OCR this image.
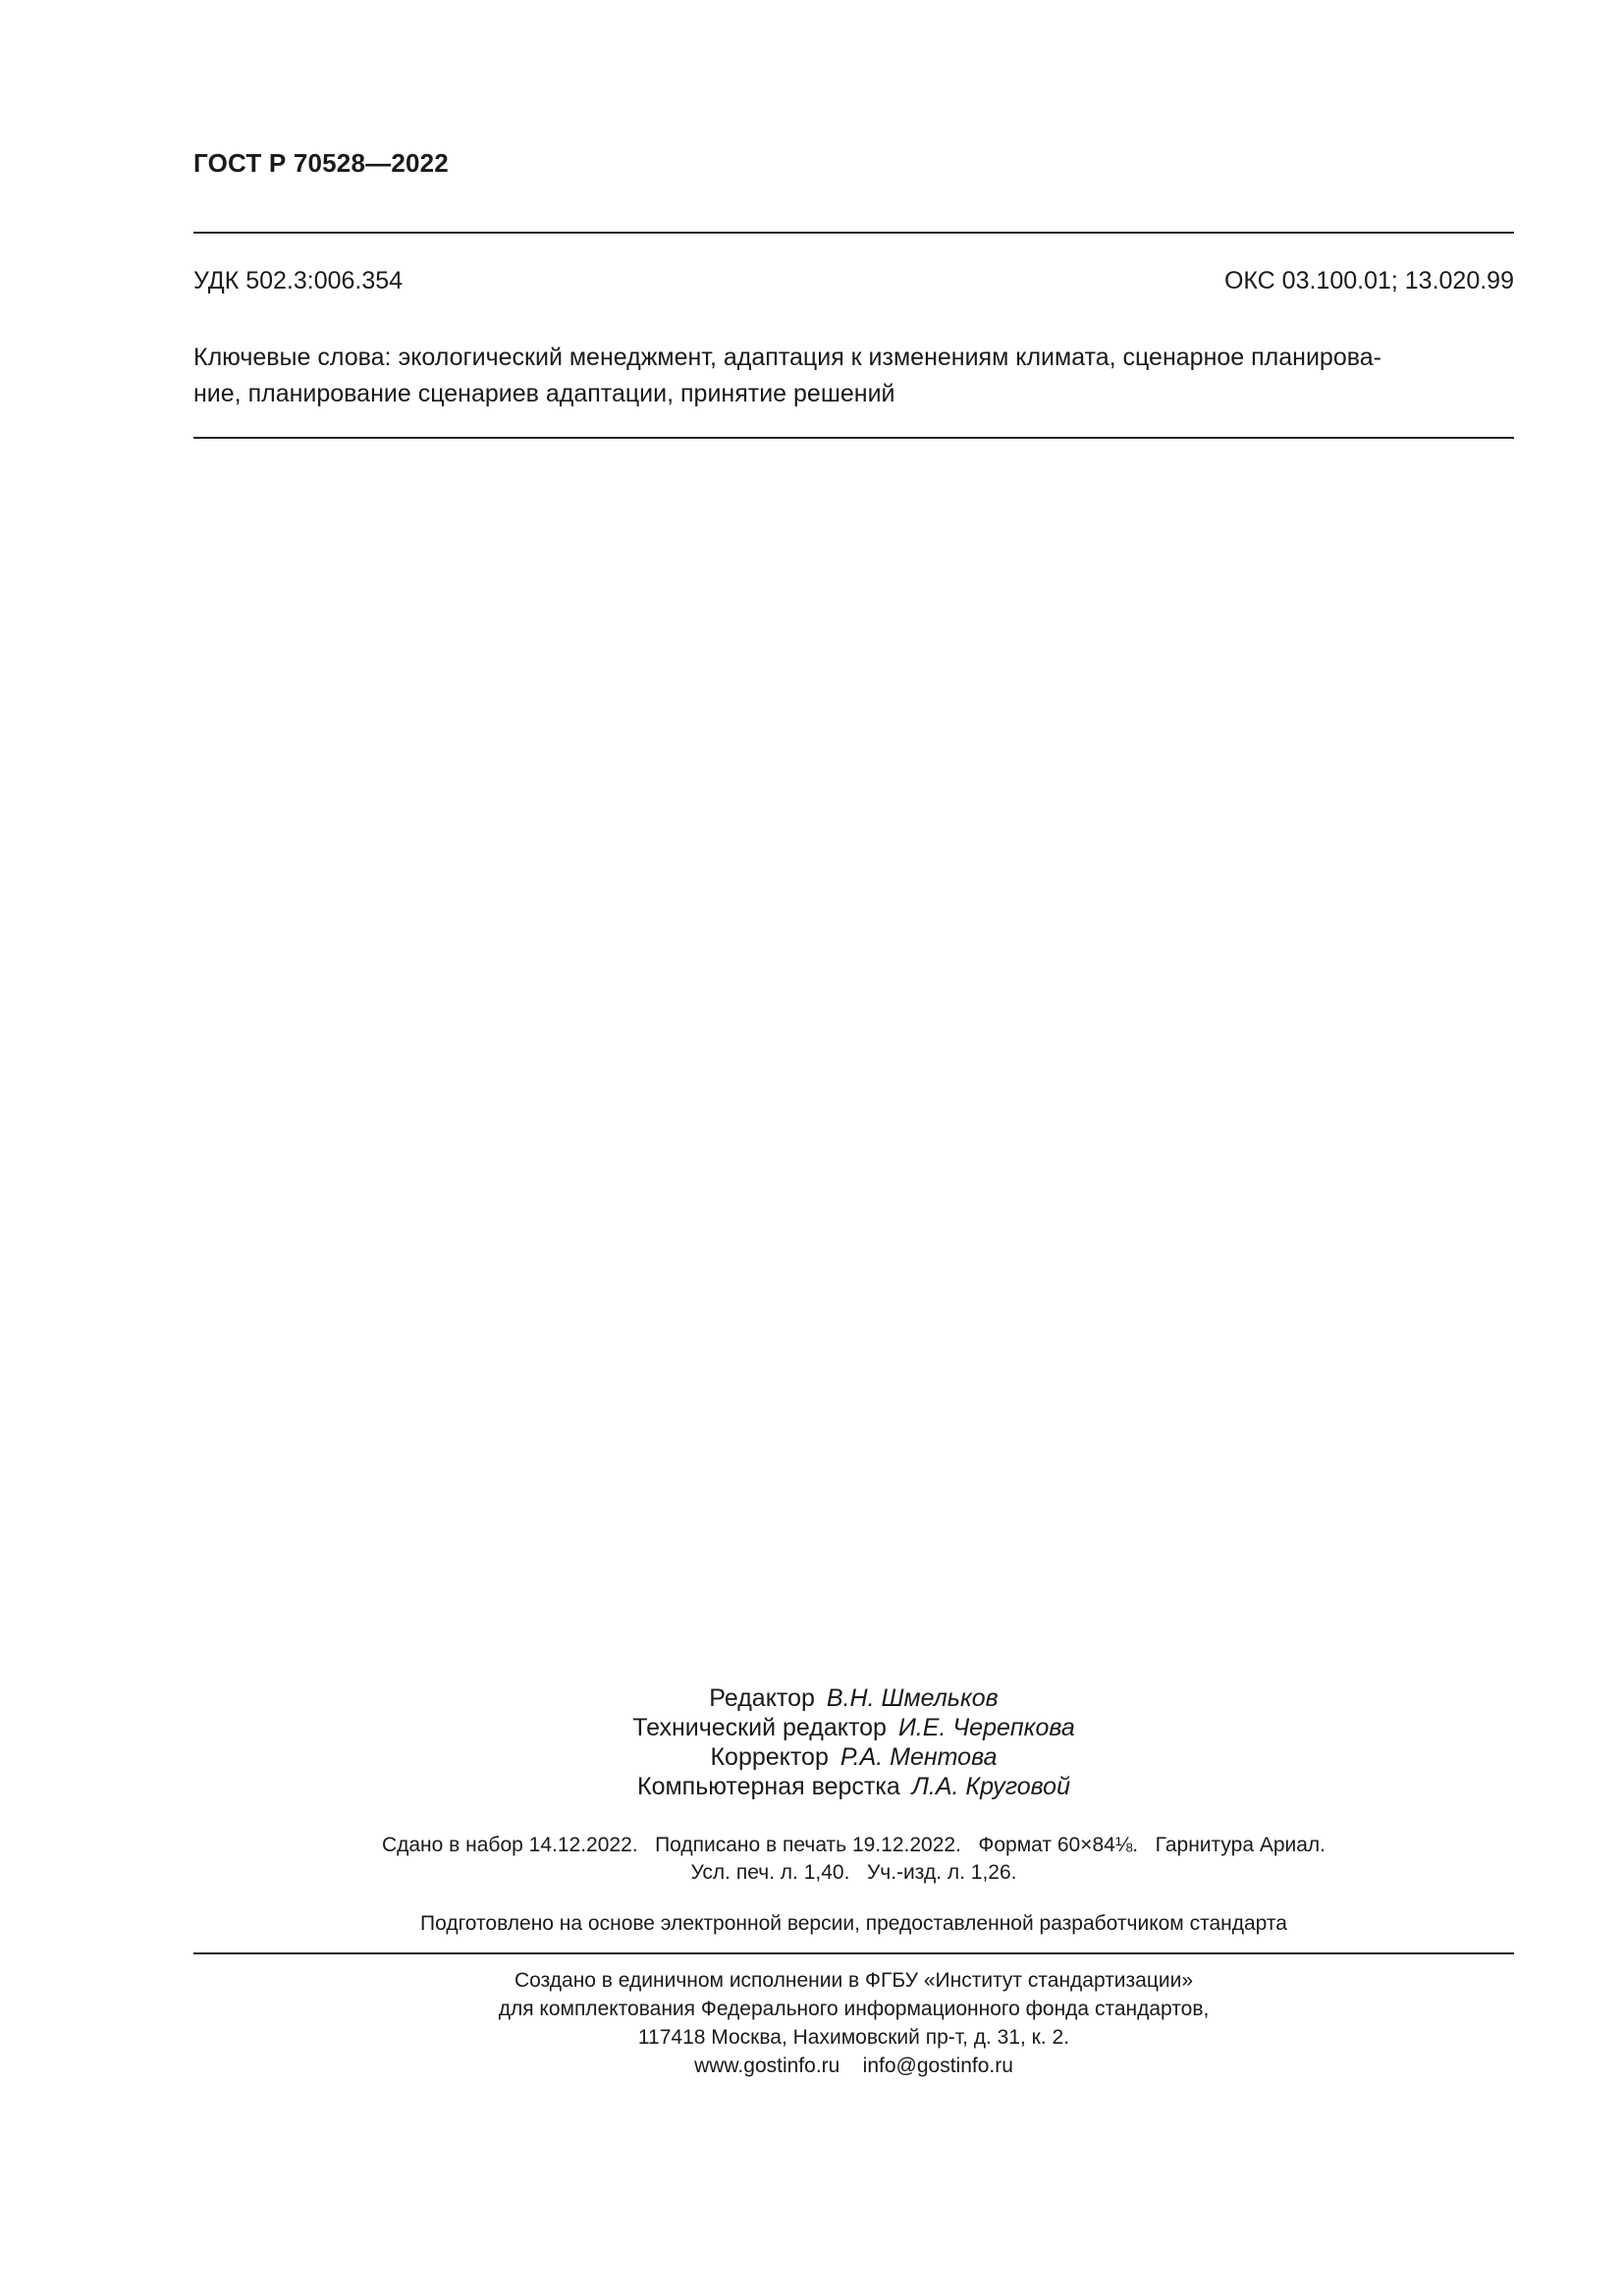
ГОСТ Р 70528—2022
УДК 502.3:006.354	ОКС 03.100.01; 13.020.99
Ключевые слова: экологический менеджмент, адаптация к изменениям климата, сценарное планирова-
ние, планирование сценариев адаптации, принятие решений
Редактор В.Н. Шмельков
Технический редактор И.Е. Черепкова
Корректор Р.А. Ментова
Компьютерная верстка Л.А. Круговой
Сдано в набор 14.12.2022.   Подписано в печать 19.12.2022.   Формат 60×84⅛.   Гарнитура Ариал.
Усл. печ. л. 1,40.   Уч.-изд. л. 1,26.
Подготовлено на основе электронной версии, предоставленной разработчиком стандарта
Создано в единичном исполнении в ФГБУ «Институт стандартизации»
для комплектования Федерального информационного фонда стандартов,
117418 Москва, Нахимовский пр-т, д. 31, к. 2.
www.gostinfo.ru    info@gostinfo.ru
